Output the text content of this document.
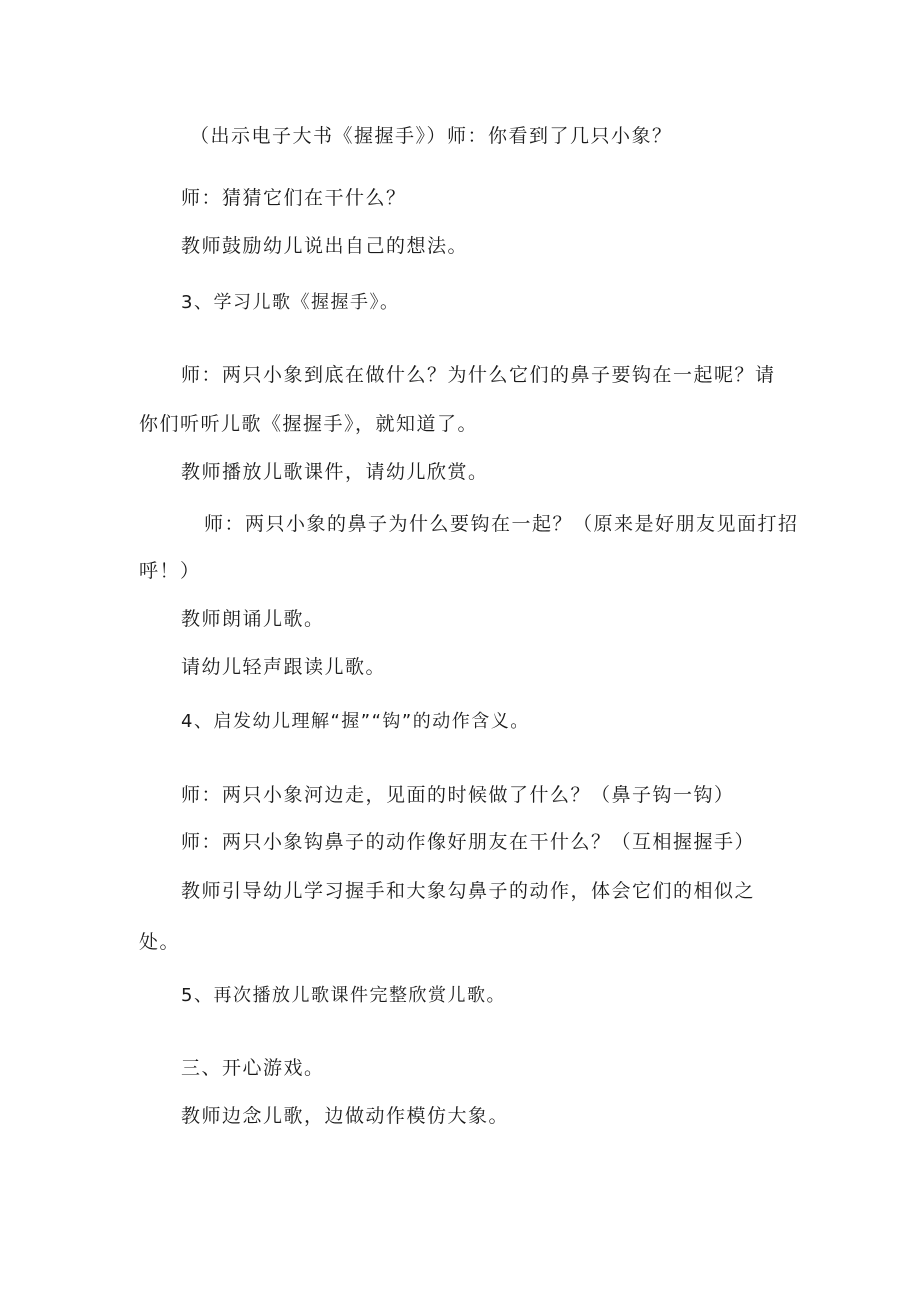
（出示电子大书《握握手》）师：你看到了几只小象？
师：猜猜它们在干什么？
教师鼓励幼儿说出自己的想法。
3、学习儿歌《握握手》。
师：两只小象到底在做什么？为什么它们的鼻子要钩在一起呢？请
你们听听儿歌《握握手》，就知道了。
教师播放儿歌课件，请幼儿欣赏。
师：两只小象的鼻子为什么要钩在一起？（原来是好朋友见面打招
呼！）
教师朗诵儿歌。
请幼儿轻声跟读儿歌。
4、启发幼儿理解“握”“钩”的动作含义。
师：两只小象河边走，见面的时候做了什么？（鼻子钩一钩）
师：两只小象钩鼻子的动作像好朋友在干什么？（互相握握手）
教师引导幼儿学习握手和大象勾鼻子的动作，体会它们的相似之
处。
5、再次播放儿歌课件完整欣赏儿歌。
三、开心游戏。
教师边念儿歌，边做动作模仿大象。
